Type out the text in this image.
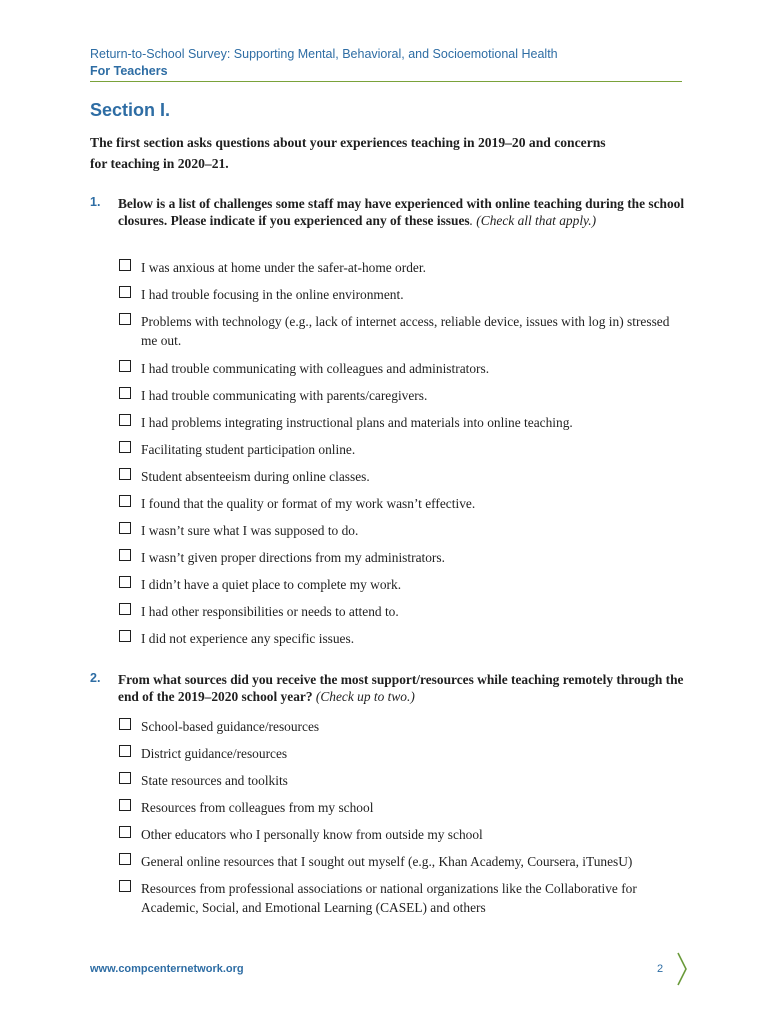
Return-to-School Survey: Supporting Mental, Behavioral, and Socioemotional Health
For Teachers
Section I.
The first section asks questions about your experiences teaching in 2019–20 and concerns
for teaching in 2020–21.
1. Below is a list of challenges some staff may have experienced with online teaching during the school closures. Please indicate if you experienced any of these issues. (Check all that apply.)
I was anxious at home under the safer-at-home order.
I had trouble focusing in the online environment.
Problems with technology (e.g., lack of internet access, reliable device, issues with log in) stressed me out.
I had trouble communicating with colleagues and administrators.
I had trouble communicating with parents/caregivers.
I had problems integrating instructional plans and materials into online teaching.
Facilitating student participation online.
Student absenteeism during online classes.
I found that the quality or format of my work wasn’t effective.
I wasn’t sure what I was supposed to do.
I wasn’t given proper directions from my administrators.
I didn’t have a quiet place to complete my work.
I had other responsibilities or needs to attend to.
I did not experience any specific issues.
2. From what sources did you receive the most support/resources while teaching remotely through the end of the 2019–2020 school year? (Check up to two.)
School-based guidance/resources
District guidance/resources
State resources and toolkits
Resources from colleagues from my school
Other educators who I personally know from outside my school
General online resources that I sought out myself (e.g., Khan Academy, Coursera, iTunesU)
Resources from professional associations or national organizations like the Collaborative for Academic, Social, and Emotional Learning (CASEL) and others
www.compcenternetwork.org	2
